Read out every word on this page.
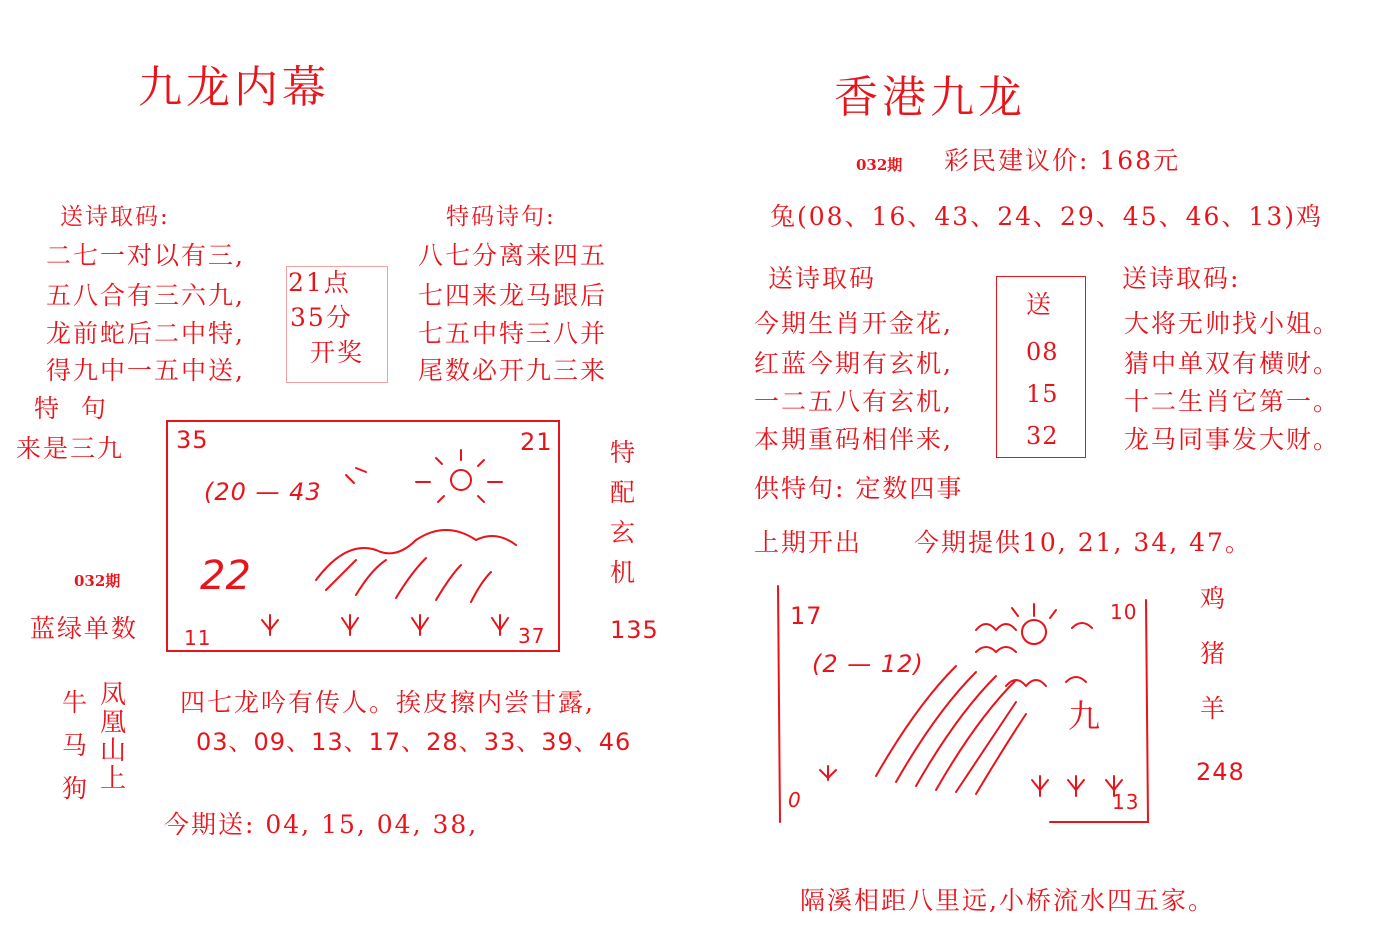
九龙内幕
送诗取码:
二七一对以有三,
五八合有三六九,
龙前蛇后二中特,
得九中一五中送,
21点
35分
开奖
特码诗句:
八七分离来四五
七四来龙马跟后
七五中特三八并
尾数必开九三来
特  句
来是三九
032期
蓝绿单数
35	21
(20 — 43
22
11	37
特
配
玄
机
135
牛
马
狗
凤
凰
山
上
四七龙吟有传人。挨皮擦内尝甘露,
03、09、13、17、28、33、39、46
今期送: 04, 15, 04, 38,
香港九龙
032期 彩民建议价: 168元
兔(08、16、43、24、29、45、46、13)鸡
送诗取码
今期生肖开金花,
红蓝今期有玄机,
一二五八有玄机,
本期重码相伴来,
送
08
15
32
送诗取码:
大将无帅找小姐。
猜中单双有横财。
十二生肖它第一。
龙马同事发大财。
供特句: 定数四事
上期开出 今期提供10, 21, 34, 47。
17	10
(2 — 12)
九
0	13
鸡
猪
羊
248
隔溪相距八里远,小桥流水四五家。
